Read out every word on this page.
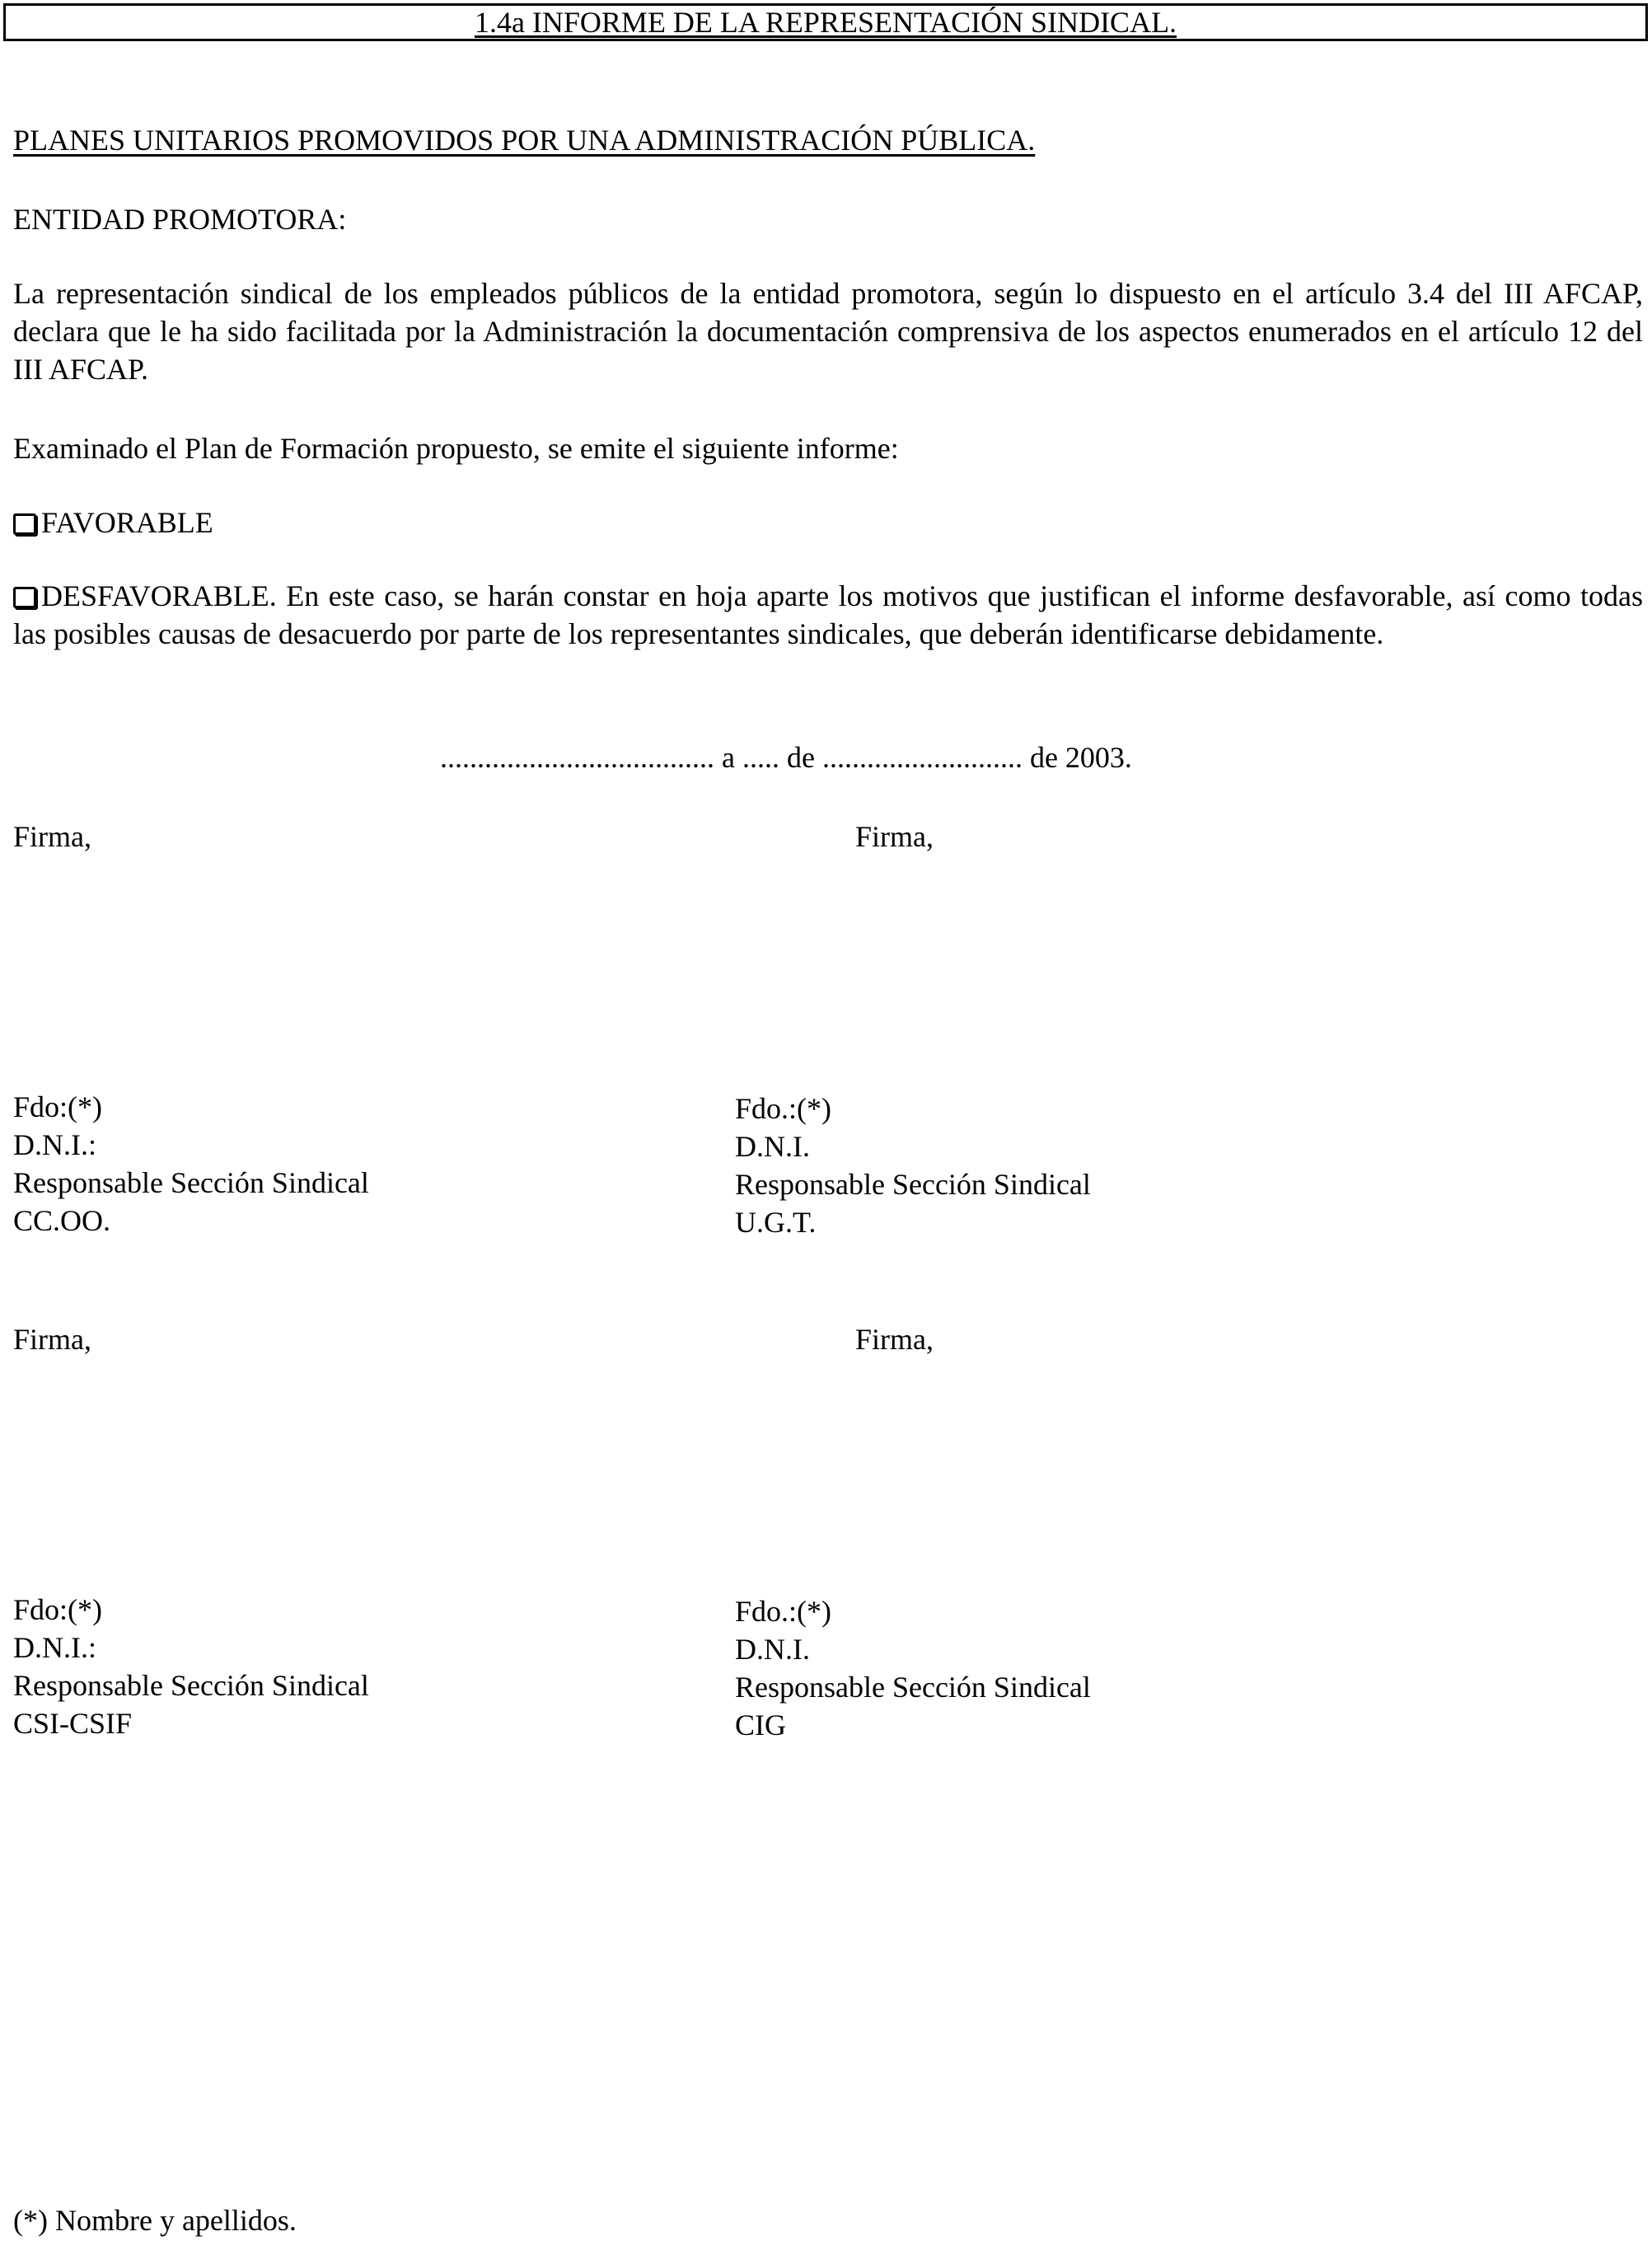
1.4a INFORME DE LA REPRESENTACIÓN SINDICAL.
PLANES UNITARIOS PROMOVIDOS POR UNA ADMINISTRACIÓN PÚBLICA.
ENTIDAD PROMOTORA:
La representación sindical de los empleados públicos de la entidad promotora, según lo dispuesto en el artículo 3.4 del III AFCAP, declara que le ha sido facilitada por la Administración la documentación comprensiva de los aspectos enumerados en el artículo 12 del III AFCAP.
Examinado el Plan de Formación propuesto, se emite el siguiente informe:
FAVORABLE
DESFAVORABLE. En este caso, se harán constar en hoja aparte los motivos que justifican el informe desfavorable, así como todas las posibles causas de desacuerdo por parte de los representantes sindicales, que deberán identificarse debidamente.
..................................... a ..... de ........................... de 2003.
Firma,	Firma,
Fdo:(*)
D.N.I.:
Responsable Sección Sindical
CC.OO.
Fdo.:(*)
D.N.I.
Responsable Sección Sindical
U.G.T.
Firma,	Firma,
Fdo:(*)
D.N.I.:
Responsable Sección Sindical
CSI-CSIF
Fdo.:(*)
D.N.I.
Responsable Sección Sindical
CIG
(*) Nombre y apellidos.
